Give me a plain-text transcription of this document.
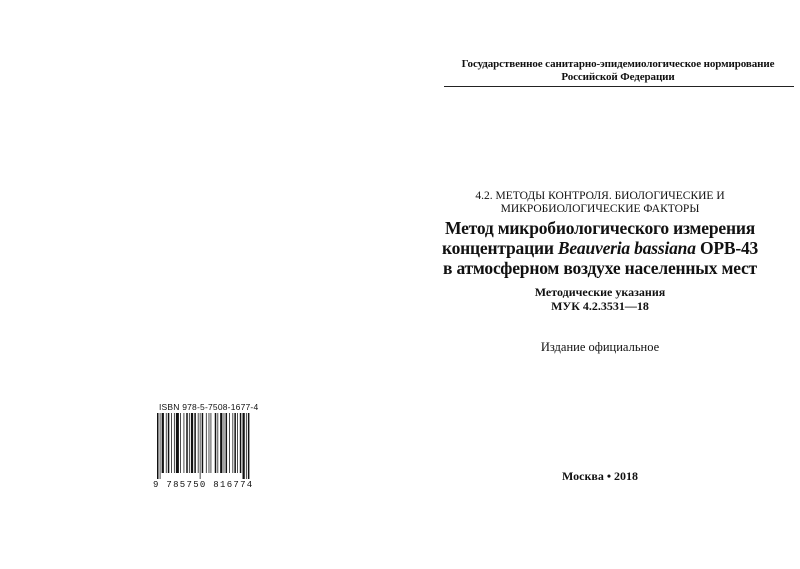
ISBN 978-5-7508-1677-4
9 785750 816774
Государственное санитарно-эпидемиологическое нормирование
Российской Федерации
4.2. МЕТОДЫ КОНТРОЛЯ. БИОЛОГИЧЕСКИЕ И
МИКРОБИОЛОГИЧЕСКИЕ ФАКТОРЫ
Метод микробиологического измерения
концентрации Beauveria bassiana ОРВ-43
в атмосферном воздухе населенных мест
Методические указания
МУК 4.2.3531—18
Издание официальное
Москва • 2018
